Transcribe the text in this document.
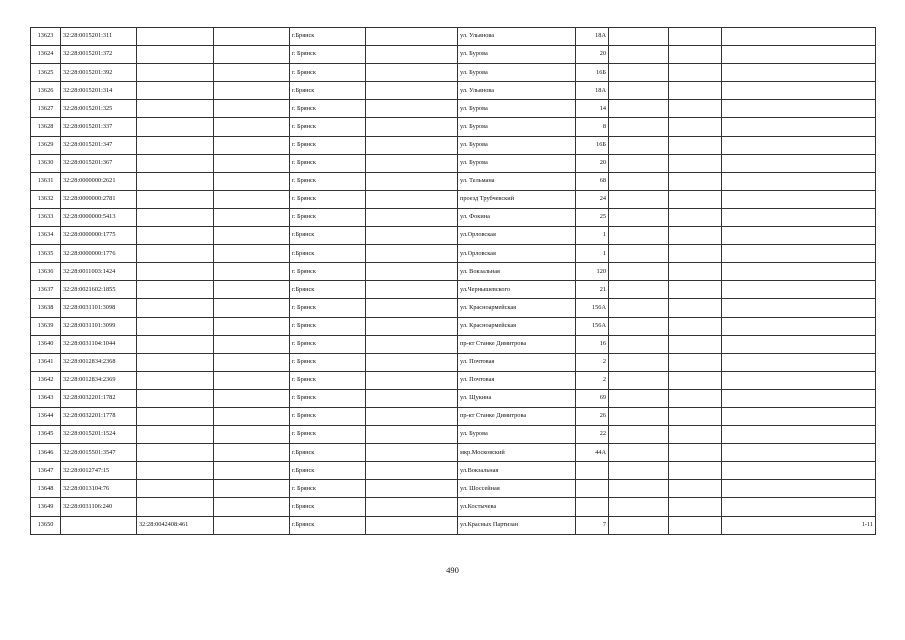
13623	32:28:0015201:311			г.Брянск		ул. Ульянова	18А			
13624	32:28:0015201:372			г. Брянск		ул. Бурова	20			
13625	32:28:0015201:392			г. Брянск		ул. Бурова	16Б			
13626	32:28:0015201:314			г.Брянск		ул. Ульянова	18А			
13627	32:28:0015201:325			г. Брянск		ул. Бурова	14			
13628	32:28:0015201:337			г. Брянск		ул. Бурова	8			
13629	32:28:0015201:347			г. Брянск		ул. Бурова	16Б			
13630	32:28:0015201:367			г. Брянск		ул. Бурова	20			
13631	32:28:0000000:2621			г. Брянск		ул. Тельмана	68			
13632	32:28:0000000:2781			г. Брянск		проезд Трубчевский	24			
13633	32:28:0000000:5413			г. Брянск		ул. Фокина	25			
13634	32:28:0000000:1775			г.Брянск		ул.Орловская	1			
13635	32:28:0000000:1776			г.Брянск		ул.Орловская	1			
13636	32:28:0011003:1424			г. Брянск		ул. Вокзальная	120			
13637	32:28:0021602:1855			г.Брянск		ул.Чернышевского	21			
13638	32:28:0031101:3098			г. Брянск		ул. Красноармейская	156А			
13639	32:28:0031101:3099			г. Брянск		ул. Красноармейская	156А			
13640	32:28:0031104:1044			г. Брянск		пр-кт Станке Димитрова	16			
13641	32:28:0012834:2368			г. Брянск		ул. Почтовая	2			
13642	32:28:0012834:2369			г. Брянск		ул. Почтовая	2			
13643	32:28:0032201:1782			г. Брянск		ул. Щукина	69			
13644	32:28:0032201:1778			г. Брянск		пр-кт Станке Димитрова	26			
13645	32:28:0015201:1524			г. Брянск		ул. Бурова	22			
13646	32:28:0015501:3547			г.Брянск		мкр.Московский	44А			
13647	32:28:0012747:15			г.Брянск		ул.Вокзальная				
13648	32:28:0013104:76			г. Брянск		ул. Шоссейная				
13649	32:28:0031106:240			г.Брянск		ул.Костычева				
13650		32:28:0042408:461		г.Брянск		ул.Красных Партизан	7			1-11
490
